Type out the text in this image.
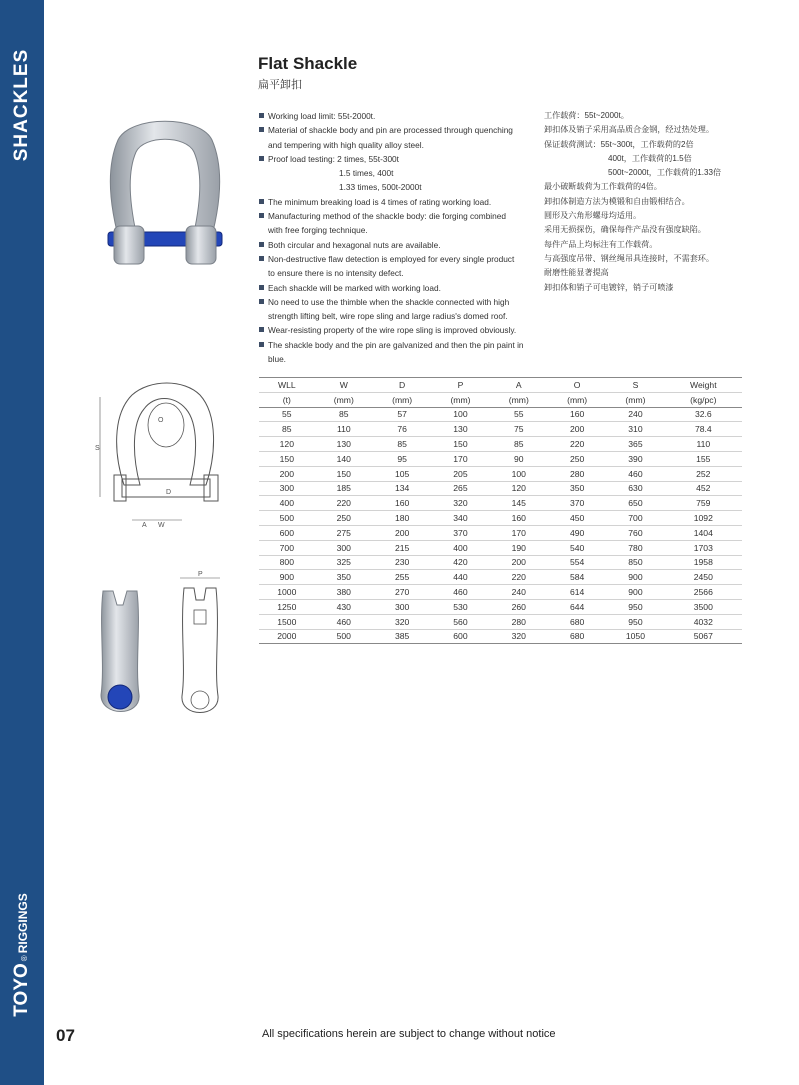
SHACKLES
TOYO
®
RIGGINGS
Flat Shackle
扁平卸扣
S
O
D
A W
P
Working load limit: 55t-2000t.
Material of shackle body and pin are processed through quenching
and tempering with high quality alloy steel.
Proof load testing: 2 times, 55t-300t
1.5 times, 400t
1.33 times, 500t-2000t
The minimum breaking load is 4 times of rating working load.
Manufacturing method of the shackle body: die forging combined
with free forging technique.
Both circular and hexagonal nuts are available.
Non-destructive flaw detection is employed for every single product
to ensure there is no intensity defect.
Each shackle will be marked with working load.
No need to use the thimble when the shackle connected with high
strength lifting belt, wire rope sling and large radius's domed roof.
Wear-resisting property of the wire rope sling is improved obviously.
The shackle body and the pin are galvanized and then the pin paint in
blue.
工作载荷：55t~2000t。
卸扣体及销子采用高品质合金钢，经过热处理。
保证载荷测试：55t~300t，工作载荷的2倍
400t，工作载荷的1.5倍
500t~2000t，工作载荷的1.33倍
最小破断载荷为工作载荷的4倍。
卸扣体制造方法为模锻和自由锻相结合。
圆形及六角形螺母均适用。
采用无损探伤，确保每件产品没有强度缺陷。
每件产品上均标注有工作载荷。
与高强度吊带、钢丝绳吊具连接时，不需套环。
耐磨性能显著提高
卸扣体和销子可电镀锌，销子可喷漆
WLL	W	D	P	A	O	S	Weight
(t)	(mm)	(mm)	(mm)	(mm)	(mm)	(mm)	(kg/pc)
55	85	57	100	55	160	240	32.6
85	110	76	130	75	200	310	78.4
120	130	85	150	85	220	365	110
150	140	95	170	90	250	390	155
200	150	105	205	100	280	460	252
300	185	134	265	120	350	630	452
400	220	160	320	145	370	650	759
500	250	180	340	160	450	700	1092
600	275	200	370	170	490	760	1404
700	300	215	400	190	540	780	1703
800	325	230	420	200	554	850	1958
900	350	255	440	220	584	900	2450
1000	380	270	460	240	614	900	2566
1250	430	300	530	260	644	950	3500
1500	460	320	560	280	680	950	4032
2000	500	385	600	320	680	1050	5067
07	All specifications herein are subject to change without notice
